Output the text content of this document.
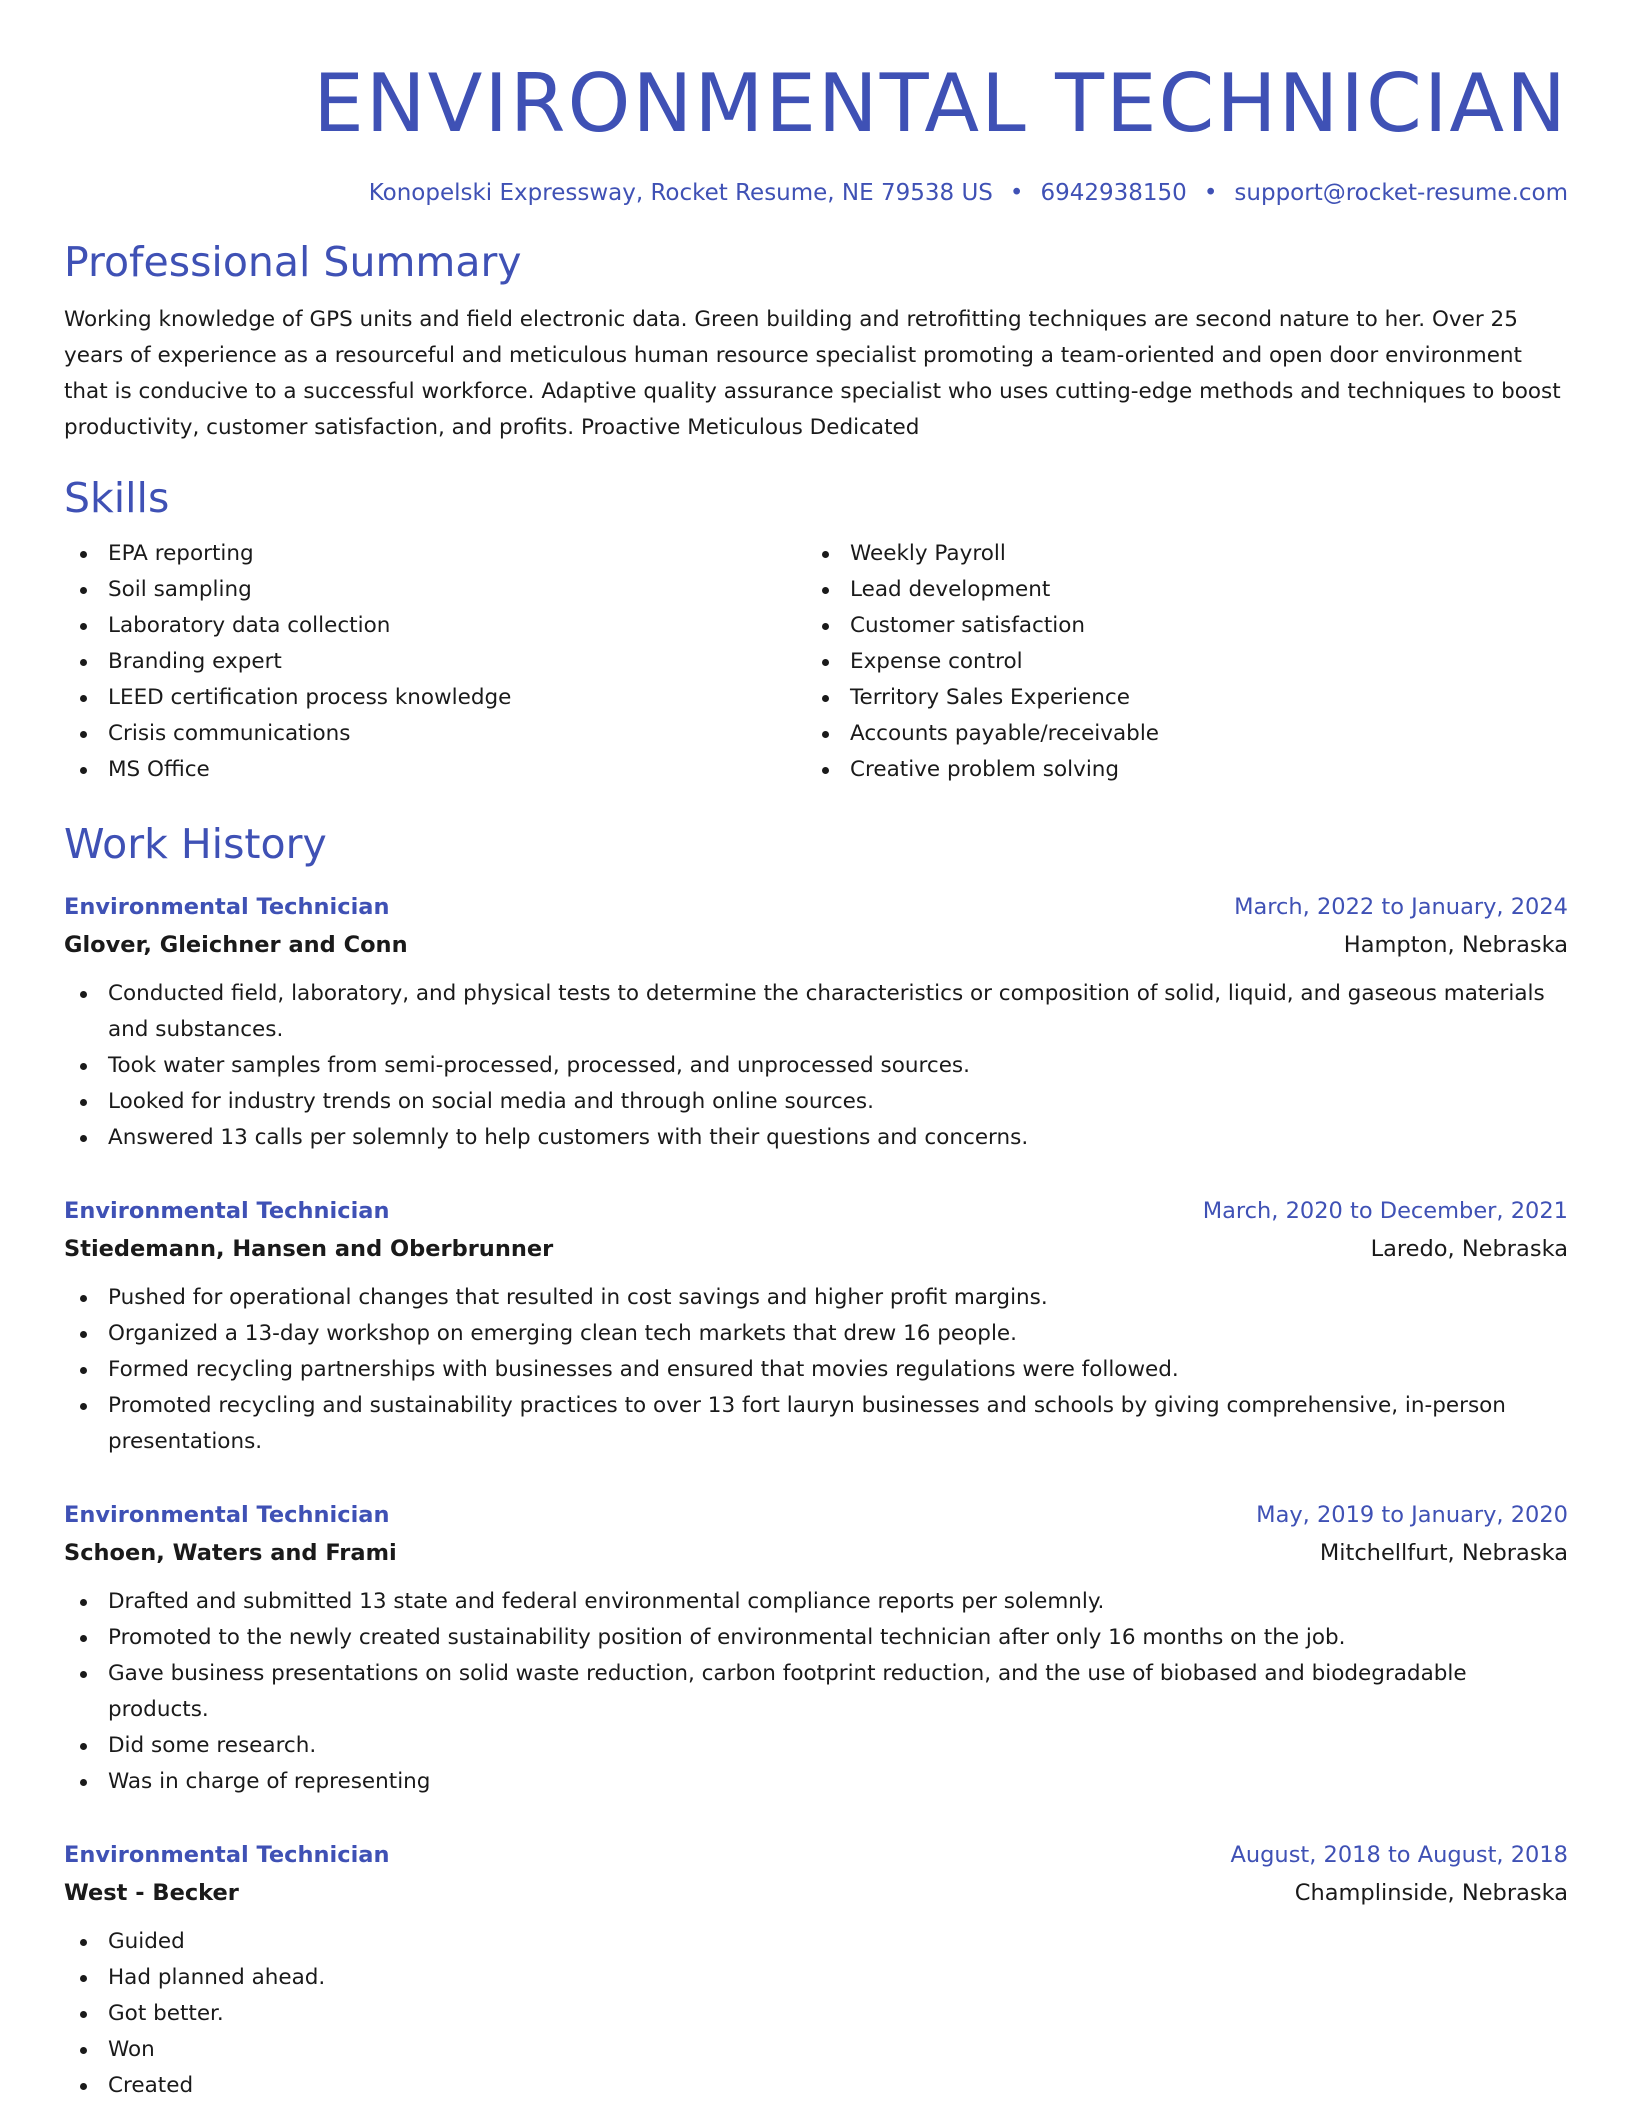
ENVIRONMENTAL TECHNICIAN
Konopelski Expressway, Rocket Resume, NE 79538 US • 6942938150 • support@rocket-resume.com
Professional Summary

Working knowledge of GPS units and field electronic data. Green building and retrofitting techniques are second nature to her. Over 25 years of experience as a resourceful and meticulous human resource specialist promoting a team-oriented and open door environment that is conducive to a successful workforce. Adaptive quality assurance specialist who uses cutting-edge methods and techniques to boost productivity, customer satisfaction, and profits. Proactive Meticulous Dedicated

Skills
EPA reporting
Soil sampling
Laboratory data collection
Branding expert
LEED certification process knowledge
Crisis communications
MS Office
Weekly Payroll
Lead development
Customer satisfaction
Expense control
Territory Sales Experience
Accounts payable/receivable
Creative problem solving
Work History
Environmental Technician	March, 2022 to January, 2024
Glover, Gleichner and Conn	Hampton, Nebraska
Conducted field, laboratory, and physical tests to determine the characteristics or composition of solid, liquid, and gaseous materials and substances.
Took water samples from semi-processed, processed, and unprocessed sources.
Looked for industry trends on social media and through online sources.
Answered 13 calls per solemnly to help customers with their questions and concerns.
Environmental Technician	March, 2020 to December, 2021
Stiedemann, Hansen and Oberbrunner	Laredo, Nebraska
Pushed for operational changes that resulted in cost savings and higher profit margins.
Organized a 13-day workshop on emerging clean tech markets that drew 16 people.
Formed recycling partnerships with businesses and ensured that movies regulations were followed.
Promoted recycling and sustainability practices to over 13 fort lauryn businesses and schools by giving comprehensive, in-person presentations.
Environmental Technician	May, 2019 to January, 2020
Schoen, Waters and Frami	Mitchellfurt, Nebraska
Drafted and submitted 13 state and federal environmental compliance reports per solemnly.
Promoted to the newly created sustainability position of environmental technician after only 16 months on the job.
Gave business presentations on solid waste reduction, carbon footprint reduction, and the use of biobased and biodegradable products.
Did some research.
Was in charge of representing
Environmental Technician	August, 2018 to August, 2018
West - Becker	Champlinside, Nebraska
Guided
Had planned ahead.
Got better.
Won
Created
